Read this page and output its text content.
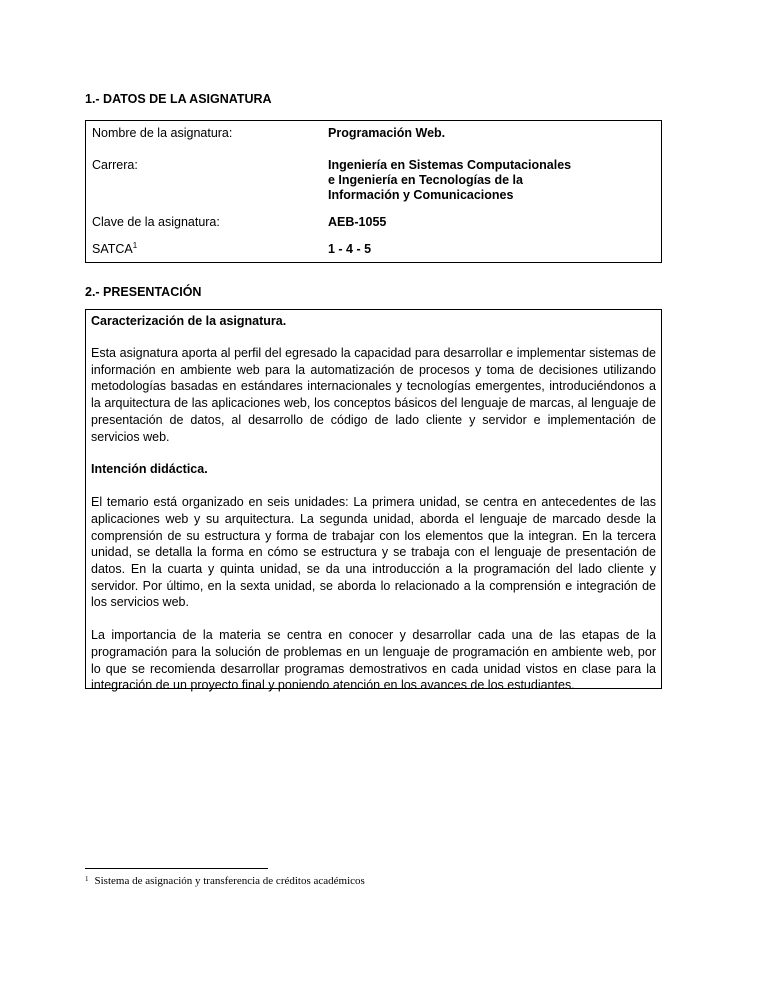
1.- DATOS DE LA ASIGNATURA
Nombre de la asignatura:	Programación Web.
Carrera:	Ingeniería en Sistemas Computacionales
e Ingeniería en Tecnologías de la
Información y Comunicaciones

Clave de la asignatura:	AEB-1055
SATCA$^1$	1 - 4 - 5
2.- PRESENTACIÓN
Caracterización de la asignatura.

Esta asignatura aporta al perfil del egresado la capacidad para desarrollar e implementar sistemas de información en ambiente web para la automatización de procesos y toma de decisiones utilizando metodologías basadas en estándares internacionales y tecnologías emergentes, introduciéndonos a la arquitectura de las aplicaciones web, los conceptos básicos del lenguaje de marcas, al lenguaje de presentación de datos, al desarrollo de código de lado cliente y servidor e implementación de servicios web.

Intención didáctica.

El temario está organizado en seis unidades: La primera unidad, se centra en antecedentes de las aplicaciones web y su arquitectura. La segunda unidad, aborda el lenguaje de marcado desde la comprensión de su estructura y forma de trabajar con los elementos que la integran. En la tercera unidad, se detalla la forma en cómo se estructura y se trabaja con el lenguaje de presentación de datos. En la cuarta y quinta unidad, se da una introducción a la programación del lado cliente y servidor. Por último, en la sexta unidad, se aborda lo relacionado a la comprensión e integración de los servicios web.

La importancia de la materia se centra en conocer y desarrollar cada una de las etapas de la programación para la solución de problemas en un lenguaje de programación en ambiente web, por lo que se recomienda desarrollar programas demostrativos en cada unidad vistos en clase para la integración de un proyecto final y poniendo atención en los avances de los estudiantes.

$^1$ Sistema de asignación y transferencia de créditos académicos
